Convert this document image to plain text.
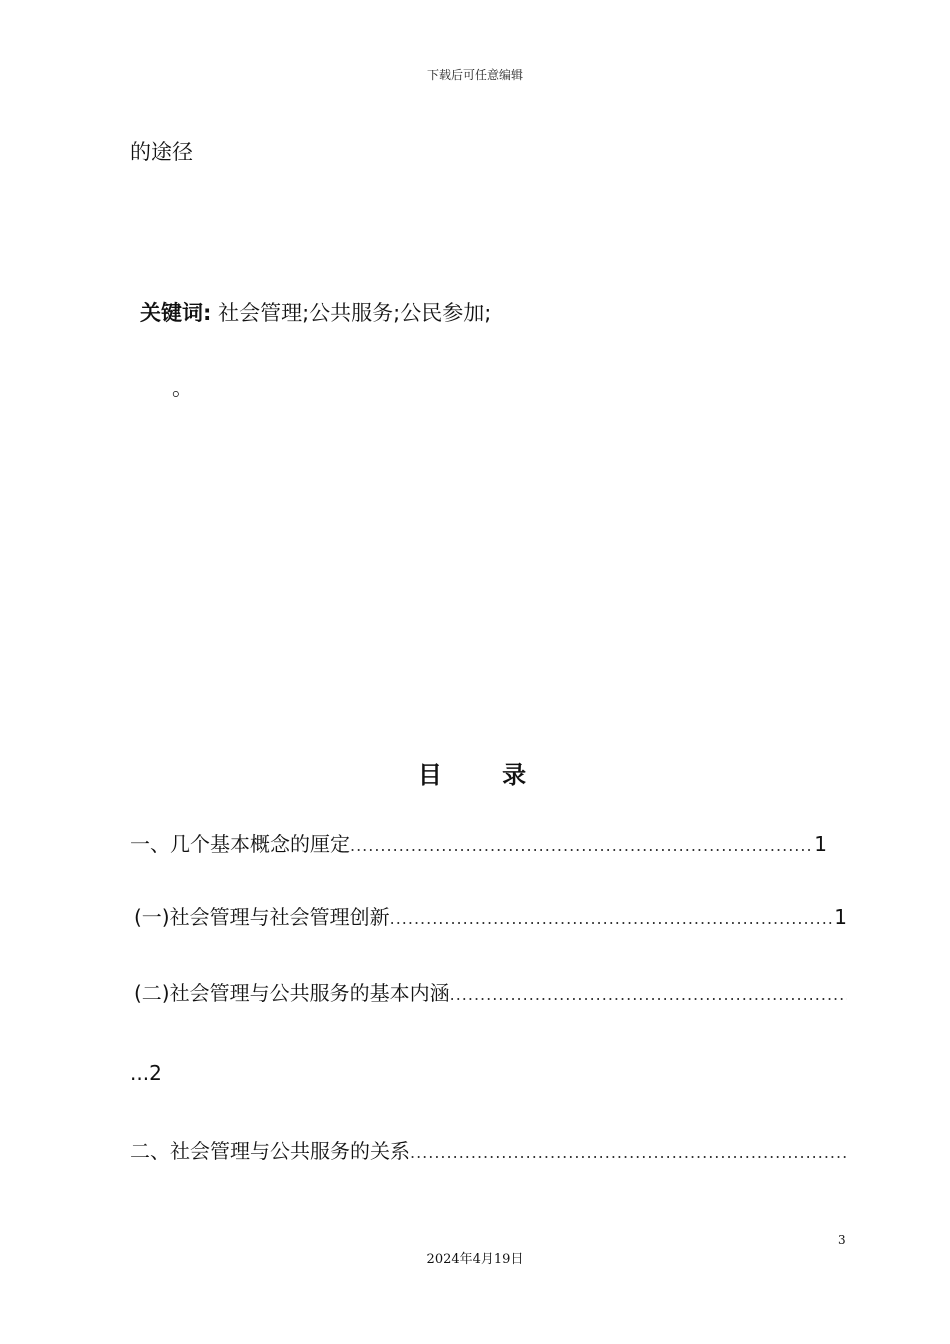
下载后可任意编辑
的途径
关键词: 社会管理;公共服务;公民参加;
。
目 录
一、几个基本概念的厘定 .....	1
(一)社会管理与社会管理创新 .....	1
(二)社会管理与公共服务的基本内涵
.....
...2
二、社会管理与公共服务的关系
.....
3
2024年4月19日
